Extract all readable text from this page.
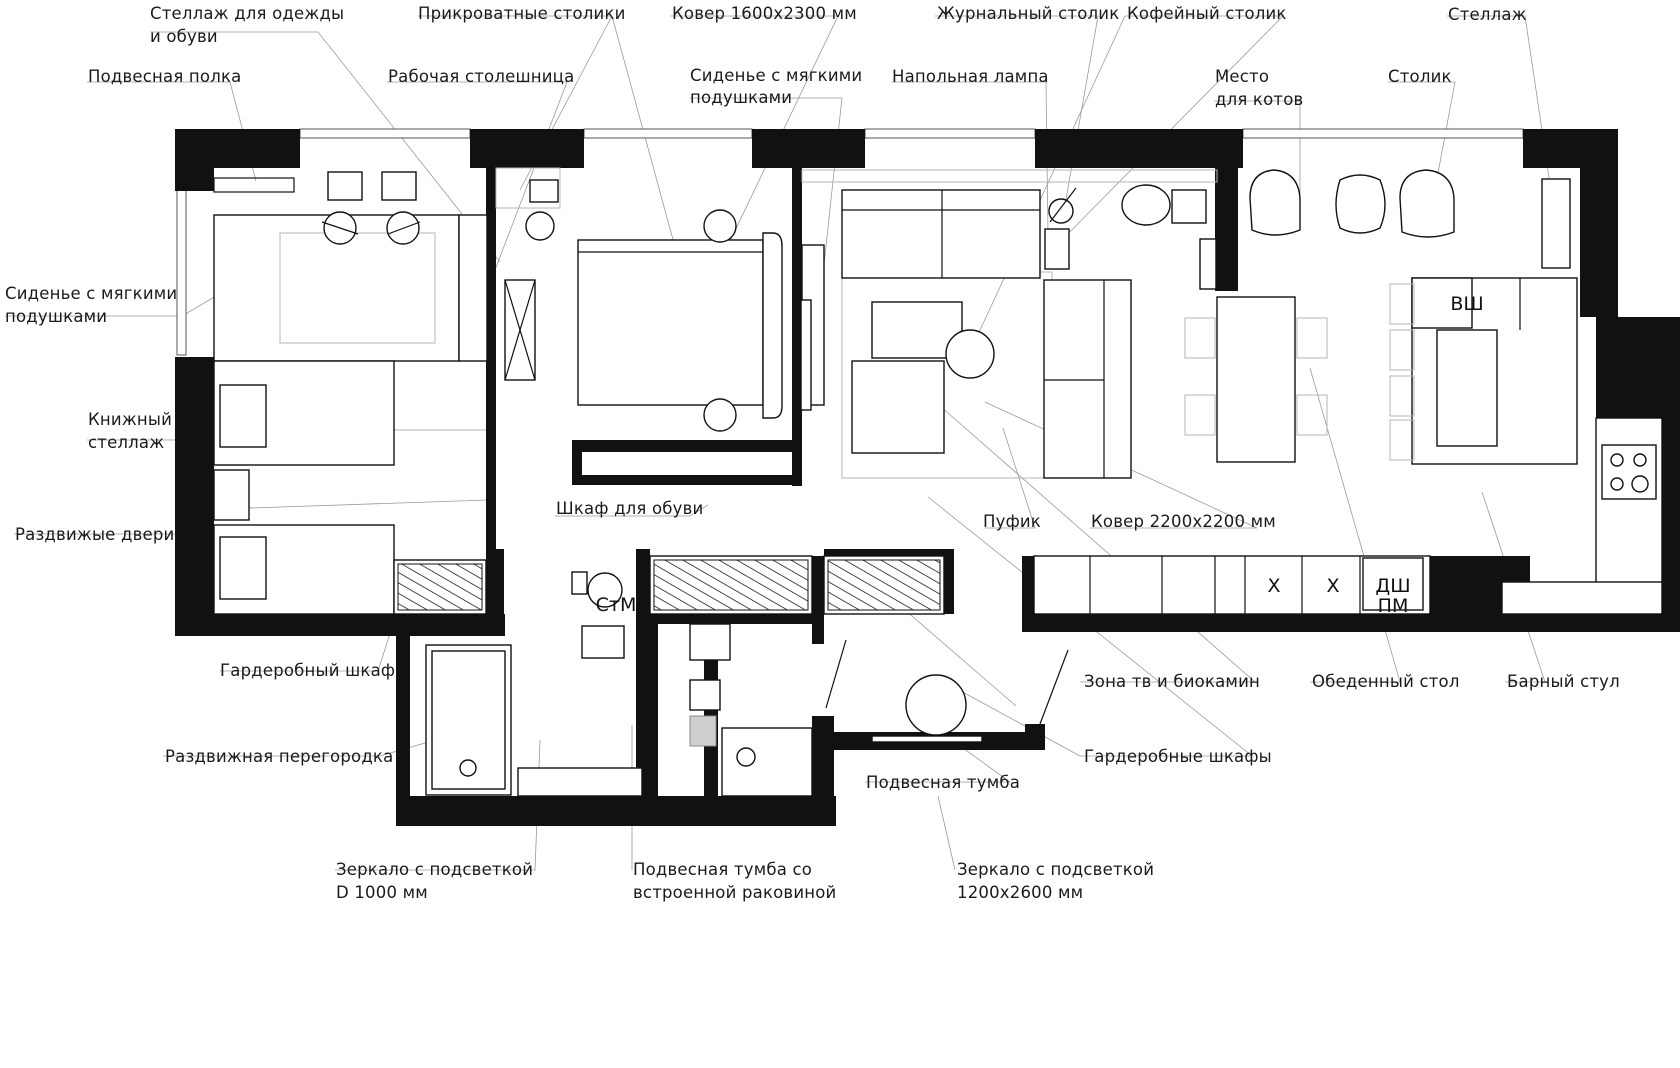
ВШ
ДШ
ПМ
СтМ
Х Х
Стеллаж для одежды
и обуви
Прикроватные столики	Ковер 1600х2300 мм	Журнальный столик Кофейный столик	Стеллаж
Подвесная полка	Рабочая столешница	Сиденье с мягкими
подушками
Напольная лампа	Место
для котов
Столик
Сиденье с мягкими
подушками
Книжный
стеллаж
Раздвижые двери
Шкаф для обуви
Пуфик	Ковер 2200х2200 мм
Гардеробный шкаф
Зона тв и биокамин	Обеденный стол	Барный стул
Раздвижная перегородка	Гардеробные шкафы
Подвесная тумба
Зеркало с подсветкой
D 1000 мм
Подвесная тумба со
встроенной раковиной
Зеркало с подсветкой
1200х2600 мм
